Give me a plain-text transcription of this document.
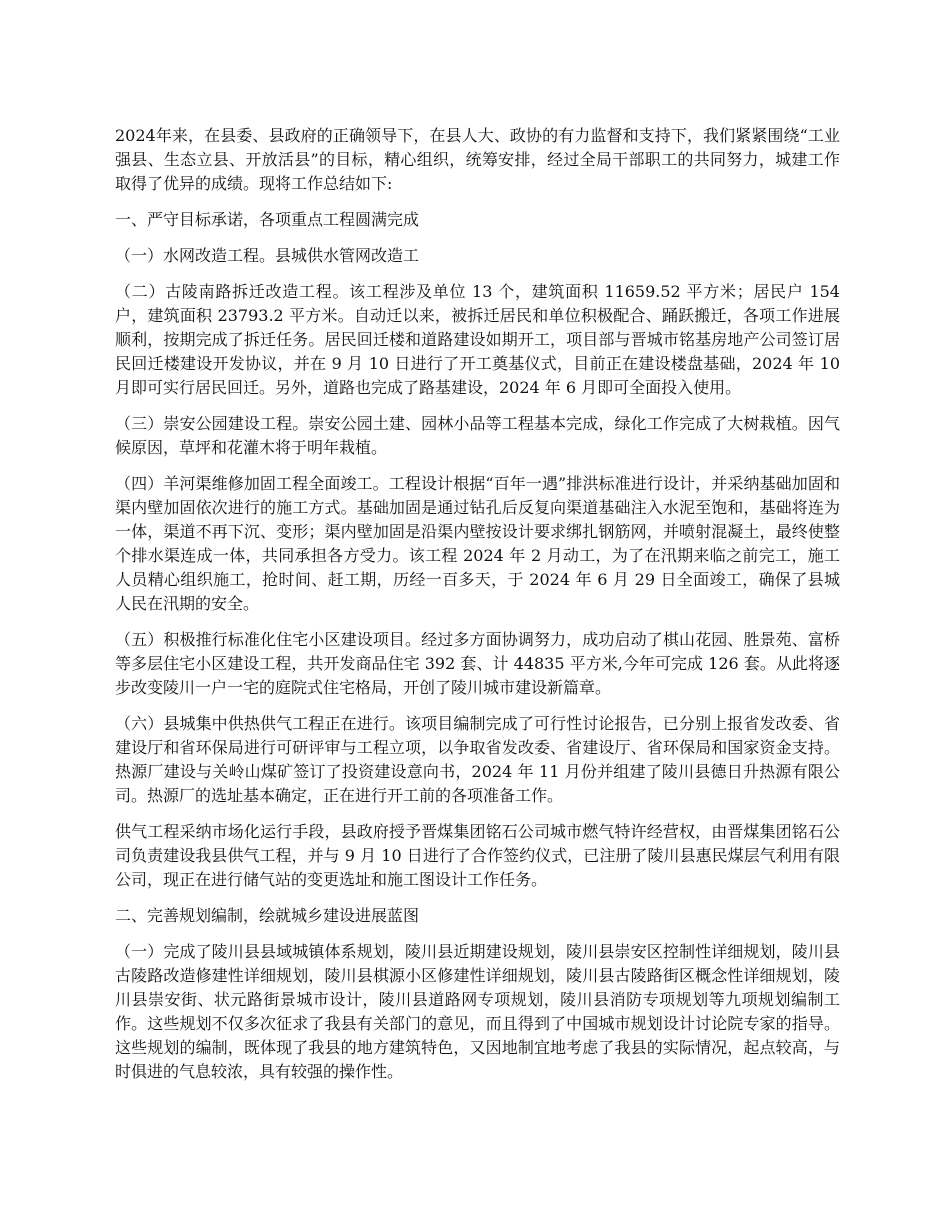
2024年来，在县委、县政府的正确领导下，在县人大、政协的有力监督和支持下，我们紧紧围绕“工业强县、生态立县、开放活县”的目标，精心组织，统筹安排，经过全局干部职工的共同努力，城建工作取得了优异的成绩。现将工作总结如下:

一、严守目标承诺，各项重点工程圆满完成

（一）水网改造工程。县城供水管网改造工

（二）古陵南路拆迁改造工程。该工程涉及单位 13 个，建筑面积 11659.52 平方米；居民户 154 户，建筑面积 23793.2 平方米。自动迁以来，被拆迁居民和单位积极配合、踊跃搬迁，各项工作进展顺利，按期完成了拆迁任务。居民回迁楼和道路建设如期开工，项目部与晋城市铭基房地产公司签订居民回迁楼建设开发协议，并在 9 月 10 日进行了开工奠基仪式，目前正在建设楼盘基础，2024 年 10 月即可实行居民回迁。另外，道路也完成了路基建设，2024 年 6 月即可全面投入使用。

（三）崇安公园建设工程。崇安公园土建、园林小品等工程基本完成，绿化工作完成了大树栽植。因气候原因，草坪和花灌木将于明年栽植。

（四）羊河渠维修加固工程全面竣工。工程设计根据“百年一遇”排洪标准进行设计，并采纳基础加固和渠内壁加固依次进行的施工方式。基础加固是通过钻孔后反复向渠道基础注入水泥至饱和，基础将连为一体，渠道不再下沉、变形；渠内壁加固是沿渠内壁按设计要求绑扎钢筋网，并喷射混凝土，最终使整个排水渠连成一体，共同承担各方受力。该工程 2024 年 2 月动工，为了在汛期来临之前完工，施工人员精心组织施工，抢时间、赶工期，历经一百多天，于 2024 年 6 月 29 日全面竣工，确保了县城人民在汛期的安全。

（五）积极推行标准化住宅小区建设项目。经过多方面协调努力，成功启动了棋山花园、胜景苑、富桥等多层住宅小区建设工程，共开发商品住宅 392 套、计 44835 平方米,今年可完成 126 套。从此将逐步改变陵川一户一宅的庭院式住宅格局，开创了陵川城市建设新篇章。

（六）县城集中供热供气工程正在进行。该项目编制完成了可行性讨论报告，已分别上报省发改委、省建设厅和省环保局进行可研评审与工程立项，以争取省发改委、省建设厅、省环保局和国家资金支持。热源厂建设与关岭山煤矿签订了投资建设意向书，2024 年 11 月份并组建了陵川县德日升热源有限公司。热源厂的选址基本确定，正在进行开工前的各项准备工作。

供气工程采纳市场化运行手段，县政府授予晋煤集团铭石公司城市燃气特许经营权，由晋煤集团铭石公司负责建设我县供气工程，并与 9 月 10 日进行了合作签约仪式，已注册了陵川县惠民煤层气利用有限公司，现正在进行储气站的变更选址和施工图设计工作任务。

二、完善规划编制，绘就城乡建设进展蓝图

（一）完成了陵川县县域城镇体系规划，陵川县近期建设规划，陵川县崇安区控制性详细规划，陵川县古陵路改造修建性详细规划，陵川县棋源小区修建性详细规划，陵川县古陵路街区概念性详细规划，陵川县崇安街、状元路街景城市设计，陵川县道路网专项规划，陵川县消防专项规划等九项规划编制工作。这些规划不仅多次征求了我县有关部门的意见，而且得到了中国城市规划设计讨论院专家的指导。这些规划的编制，既体现了我县的地方建筑特色，又因地制宜地考虑了我县的实际情况，起点较高，与时俱进的气息较浓，具有较强的操作性。
